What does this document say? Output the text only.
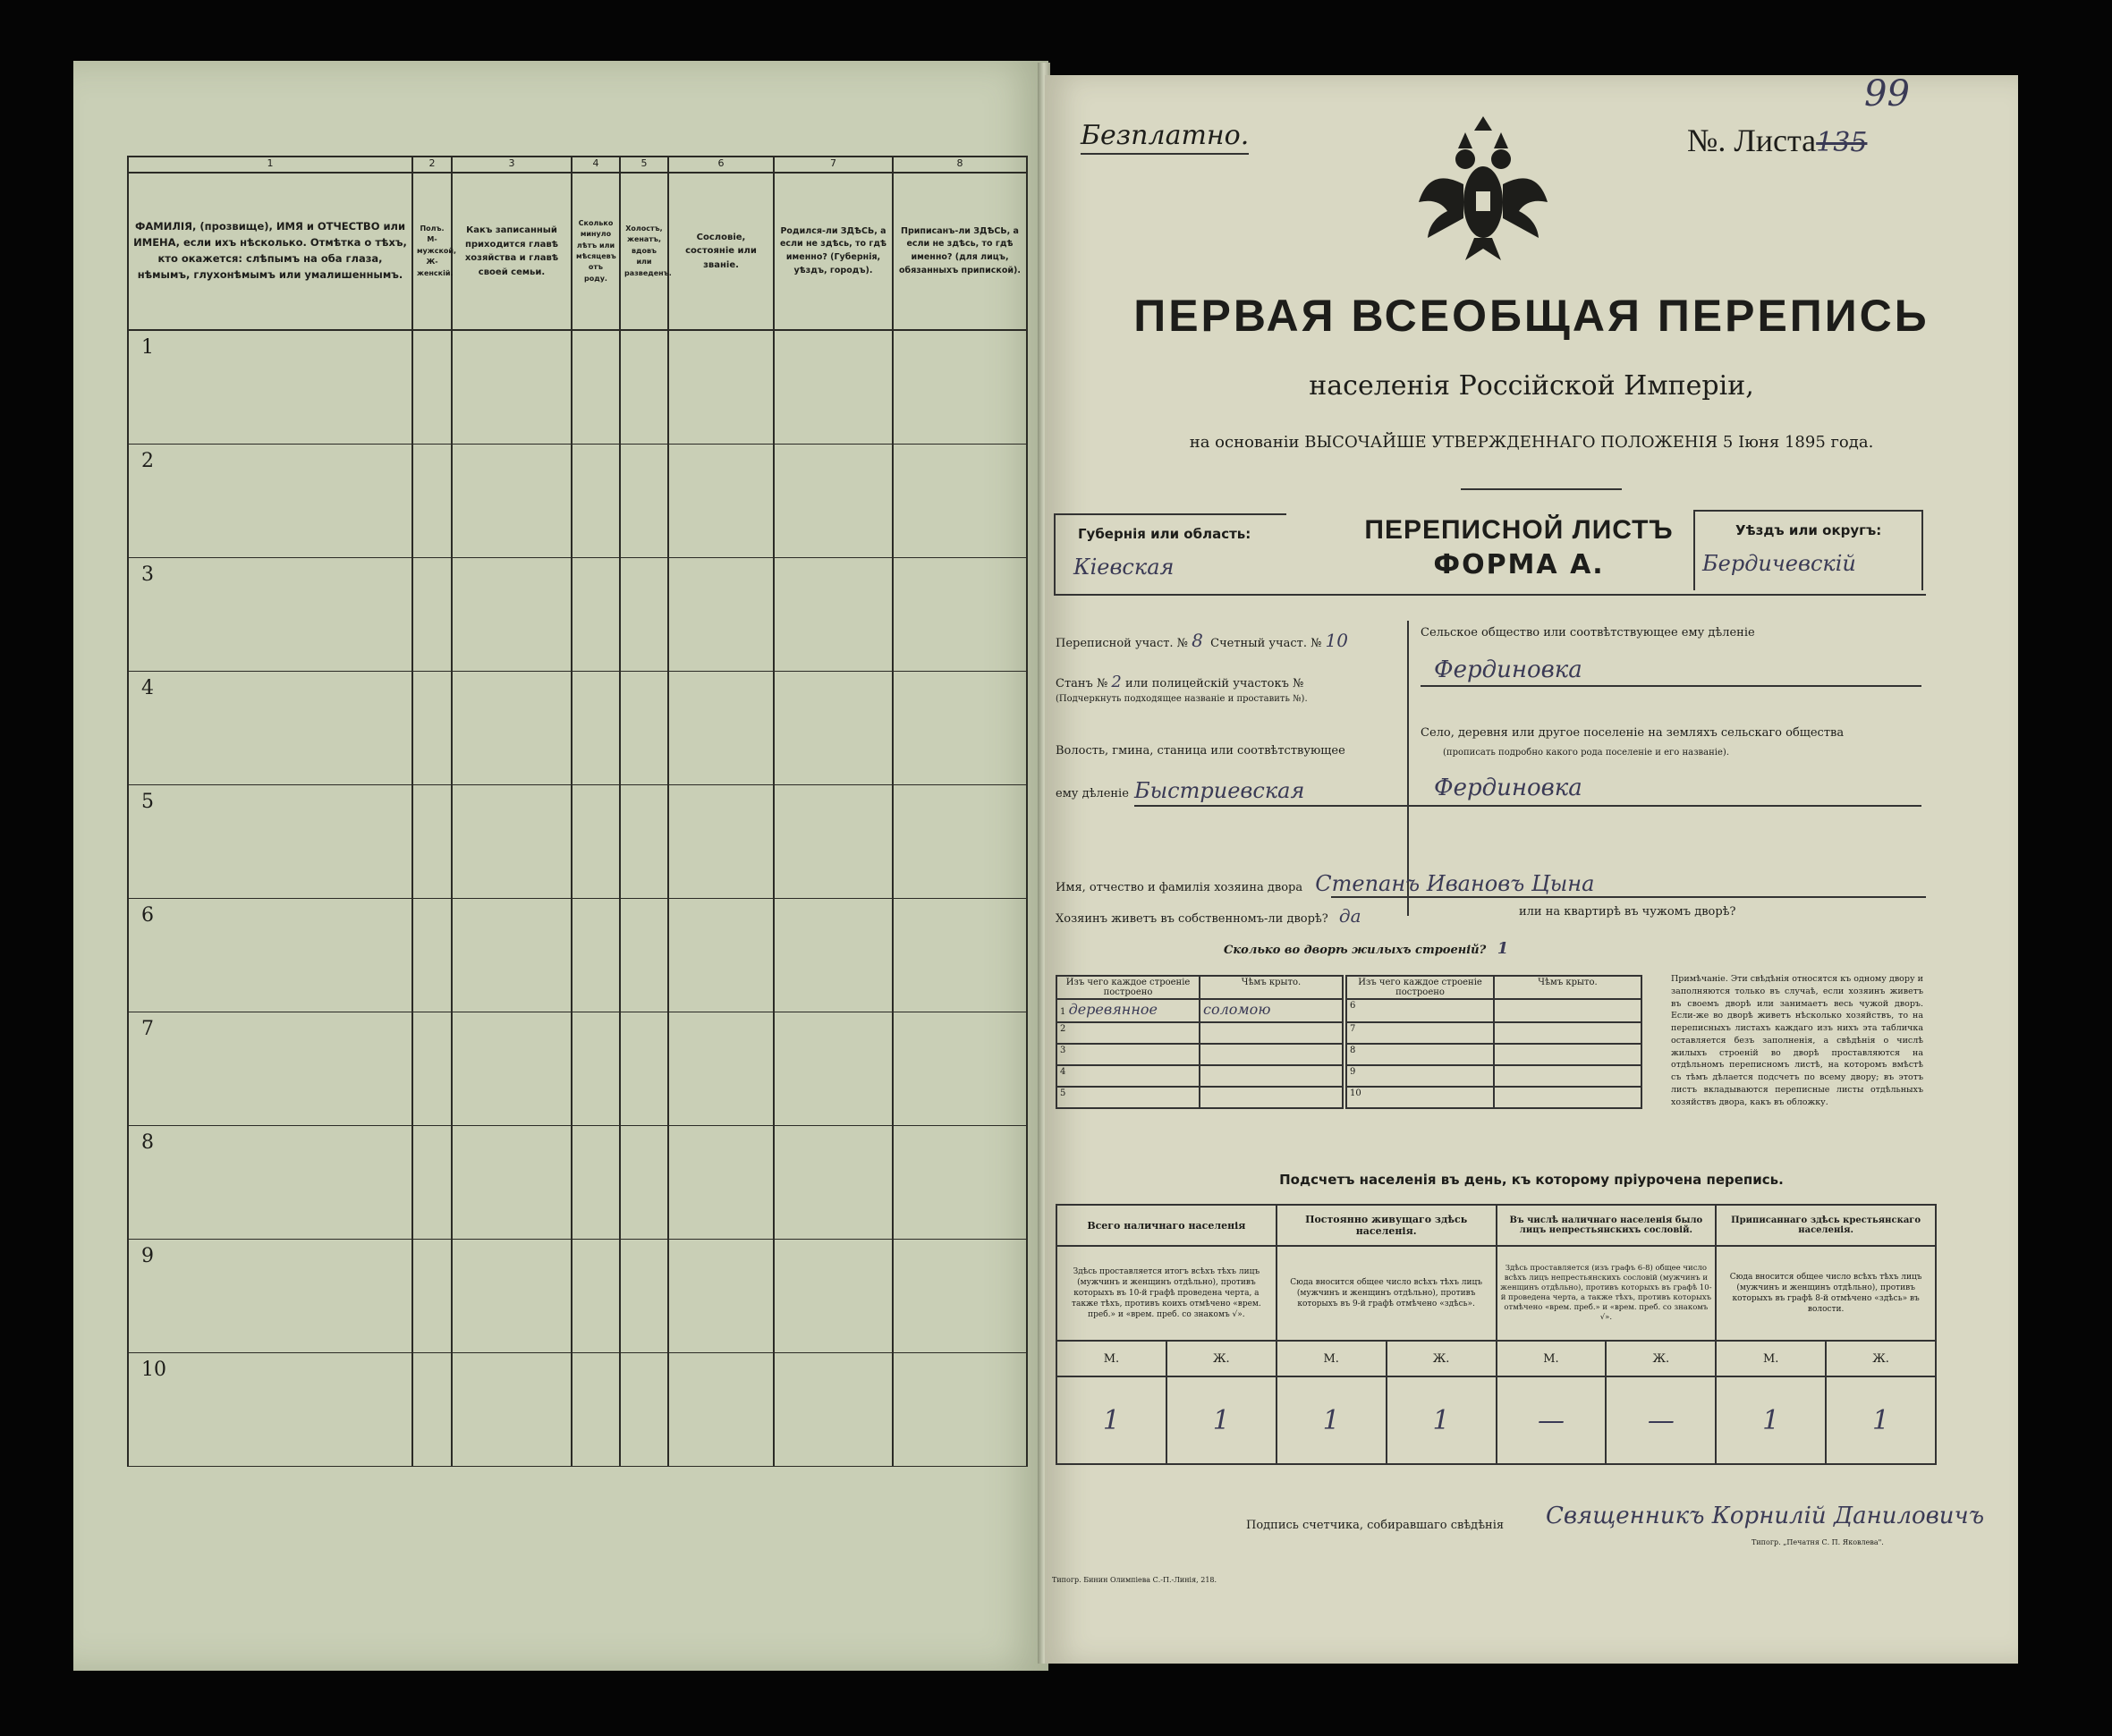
1	2	3	4	5	6	7	8
ФАМИЛІЯ, (прозвище), ИМЯ и ОТЧЕСТВО или ИМЕНА, если ихъ нѣсколько. Отмѣтка о тѣхъ, кто окажется: слѣпымъ на оба глаза, нѣмымъ, глухонѣмымъ или умалишеннымъ.	Полъ. М-мужской, Ж-женскій.	Какъ записанный приходится главѣ хозяйства и главѣ своей семьи.	Сколько минуло лѣтъ или мѣсяцевъ отъ роду.	Холостъ, женатъ, вдовъ или разведенъ.	Сословіе, состояніе или званіе.	Родился-ли ЗДѢСЬ, а если не здѣсь, то гдѣ именно? (Губернія, уѣздъ, городъ).	Приписанъ-ли ЗДѢСЬ, а если не здѣсь, то гдѣ именно? (для лицъ, обязанныхъ припиской).

1							

2							

3							

4							

5							

6							

7							

8							

9							

10							

Безплатно.	№. Листа135
99
ПЕРВАЯ ВСЕОБЩАЯ ПЕРЕПИСЬ
населенія Россійской Имперіи,
на основаніи ВЫСОЧАЙШЕ УТВЕРЖДЕННАГО ПОЛОЖЕНІЯ 5 Іюня 1895 года.
Губернія или область:
Кіевская
ПЕРЕПИСНОЙ ЛИСТЪ
ФОРМА А.
Уѣздъ или округъ:
Бердичевскій
Переписной участ. № 8 Счетный участ. № 10
Станъ № 2 или полицейскій участокъ №
(Подчеркнуть подходящее названіе и проставить №).
Волость, гмина, станица или соотвѣтствующее
ему дѣленіе Быстриевская
Сельское общество или соотвѣтствующее ему дѣленіе
Фердиновка
Село, деревня или другое поселеніе на земляхъ сельскаго общества
(прописать подробно какого рода поселеніе и его названіе).
Фердиновка
Имя, отчество и фамилія хозяина двора Степанъ Ивановъ Цына
Хозяинъ живетъ въ собственномъ-ли дворѣ? да	или на квартирѣ въ чужомъ дворѣ?
Сколько во дворѣ жилыхъ строеній? 1
Изъ чего каждое строеніе построено	Чѣмъ крыто.
1 деревянное	соломою
2	
3	
4	
5	
Изъ чего каждое строеніе построено	Чѣмъ крыто.
6	
7	
8	
9	
10	
Примѣчаніе. Эти свѣдѣнія относятся къ одному двору и заполняются только въ случаѣ, если хозяинъ живетъ въ своемъ дворѣ или занимаетъ весь чужой дворъ. Если-же во дворѣ живетъ нѣсколько хозяйствъ, то на переписныхъ листахъ каждаго изъ нихъ эта табличка оставляется безъ заполненія, а свѣдѣнія о числѣ жилыхъ строеній во дворѣ проставляются на отдѣльномъ переписномъ листѣ, на которомъ вмѣстѣ съ тѣмъ дѣлается подсчетъ по всему двору; въ этотъ листъ вкладываются переписные листы отдѣльныхъ хозяйствъ двора, какъ въ обложку.
Подсчетъ населенія въ день, къ которому пріурочена перепись.
Всего наличнаго населенія		Постоянно живущаго здѣсь населенія.		Въ числѣ наличнаго населенія было лицъ непрестьянскихъ сословій.		Приписаннаго здѣсь крестьянскаго населенія.	
Здѣсь проставляется итогъ всѣхъ тѣхъ лицъ (мужчинъ и женщинъ отдѣльно), противъ которыхъ въ 10-й графѣ проведена черта, а также тѣхъ, противъ коихъ отмѣчено «врем. преб.» и «врем. преб. со знакомъ √».		Сюда вносится общее число всѣхъ тѣхъ лицъ (мужчинъ и женщинъ отдѣльно), противъ которыхъ въ 9-й графѣ отмѣчено «здѣсь».		Здѣсь проставляется (изъ графъ 6-8) общее число всѣхъ лицъ непрестьянскихъ сословій (мужчинъ и женщинъ отдѣльно), противъ которыхъ въ графѣ 10-й проведена черта, а также тѣхъ, противъ которыхъ отмѣчено «врем. преб.» и «врем. преб. со знакомъ √».		Сюда вносится общее число всѣхъ тѣхъ лицъ (мужчинъ и женщинъ отдѣльно), противъ которыхъ въ графѣ 8-й отмѣчено «здѣсь» въ волости.	
М.	Ж.	М.	Ж.	М.	Ж.	М.	Ж.
1	1	1	1	—	—	1	1
Подпись счетчика, собиравшаго свѣдѣнія Священникъ Корнилій Даниловичъ
Типогр. Бинин Олимпіева С.-П.-Линія, 218.
Типогр. „Печатня С. П. Яковлева".
